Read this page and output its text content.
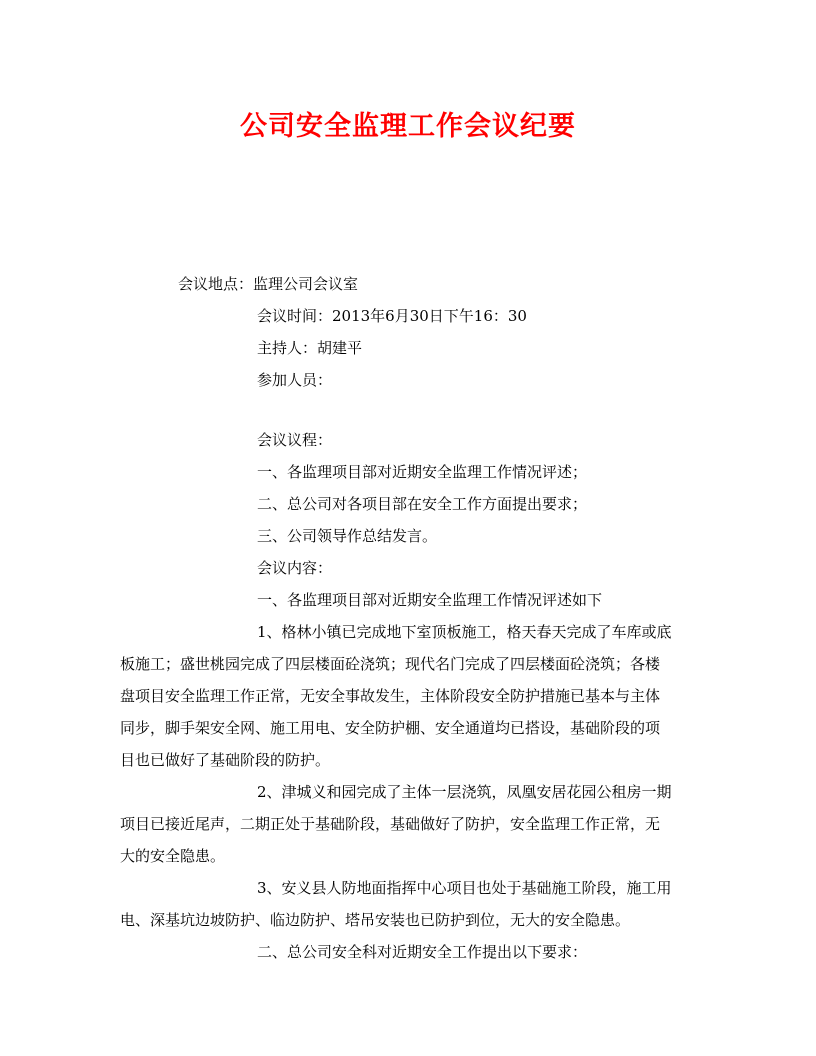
公司安全监理工作会议纪要
会议地点：监理公司会议室
会议时间：2013年6月30日下午16：30
主持人：胡建平
参加人员：
会议议程：
一、各监理项目部对近期安全监理工作情况评述；
二、总公司对各项目部在安全工作方面提出要求；
三、公司领导作总结发言。
会议内容：
一、各监理项目部对近期安全监理工作情况评述如下
1、格林小镇已完成地下室顶板施工，格天春天完成了车库或底
板施工；盛世桃园完成了四层楼面砼浇筑；现代名门完成了四层楼面砼浇筑；各楼
盘项目安全监理工作正常，无安全事故发生，主体阶段安全防护措施已基本与主体
同步，脚手架安全网、施工用电、安全防护棚、安全通道均已搭设，基础阶段的项
目也已做好了基础阶段的防护。
2、津城义和园完成了主体一层浇筑，凤凰安居花园公租房一期
项目已接近尾声，二期正处于基础阶段，基础做好了防护，安全监理工作正常，无
大的安全隐患。
3、安义县人防地面指挥中心项目也处于基础施工阶段，施工用
电、深基坑边坡防护、临边防护、塔吊安装也已防护到位，无大的安全隐患。
二、总公司安全科对近期安全工作提出以下要求：
